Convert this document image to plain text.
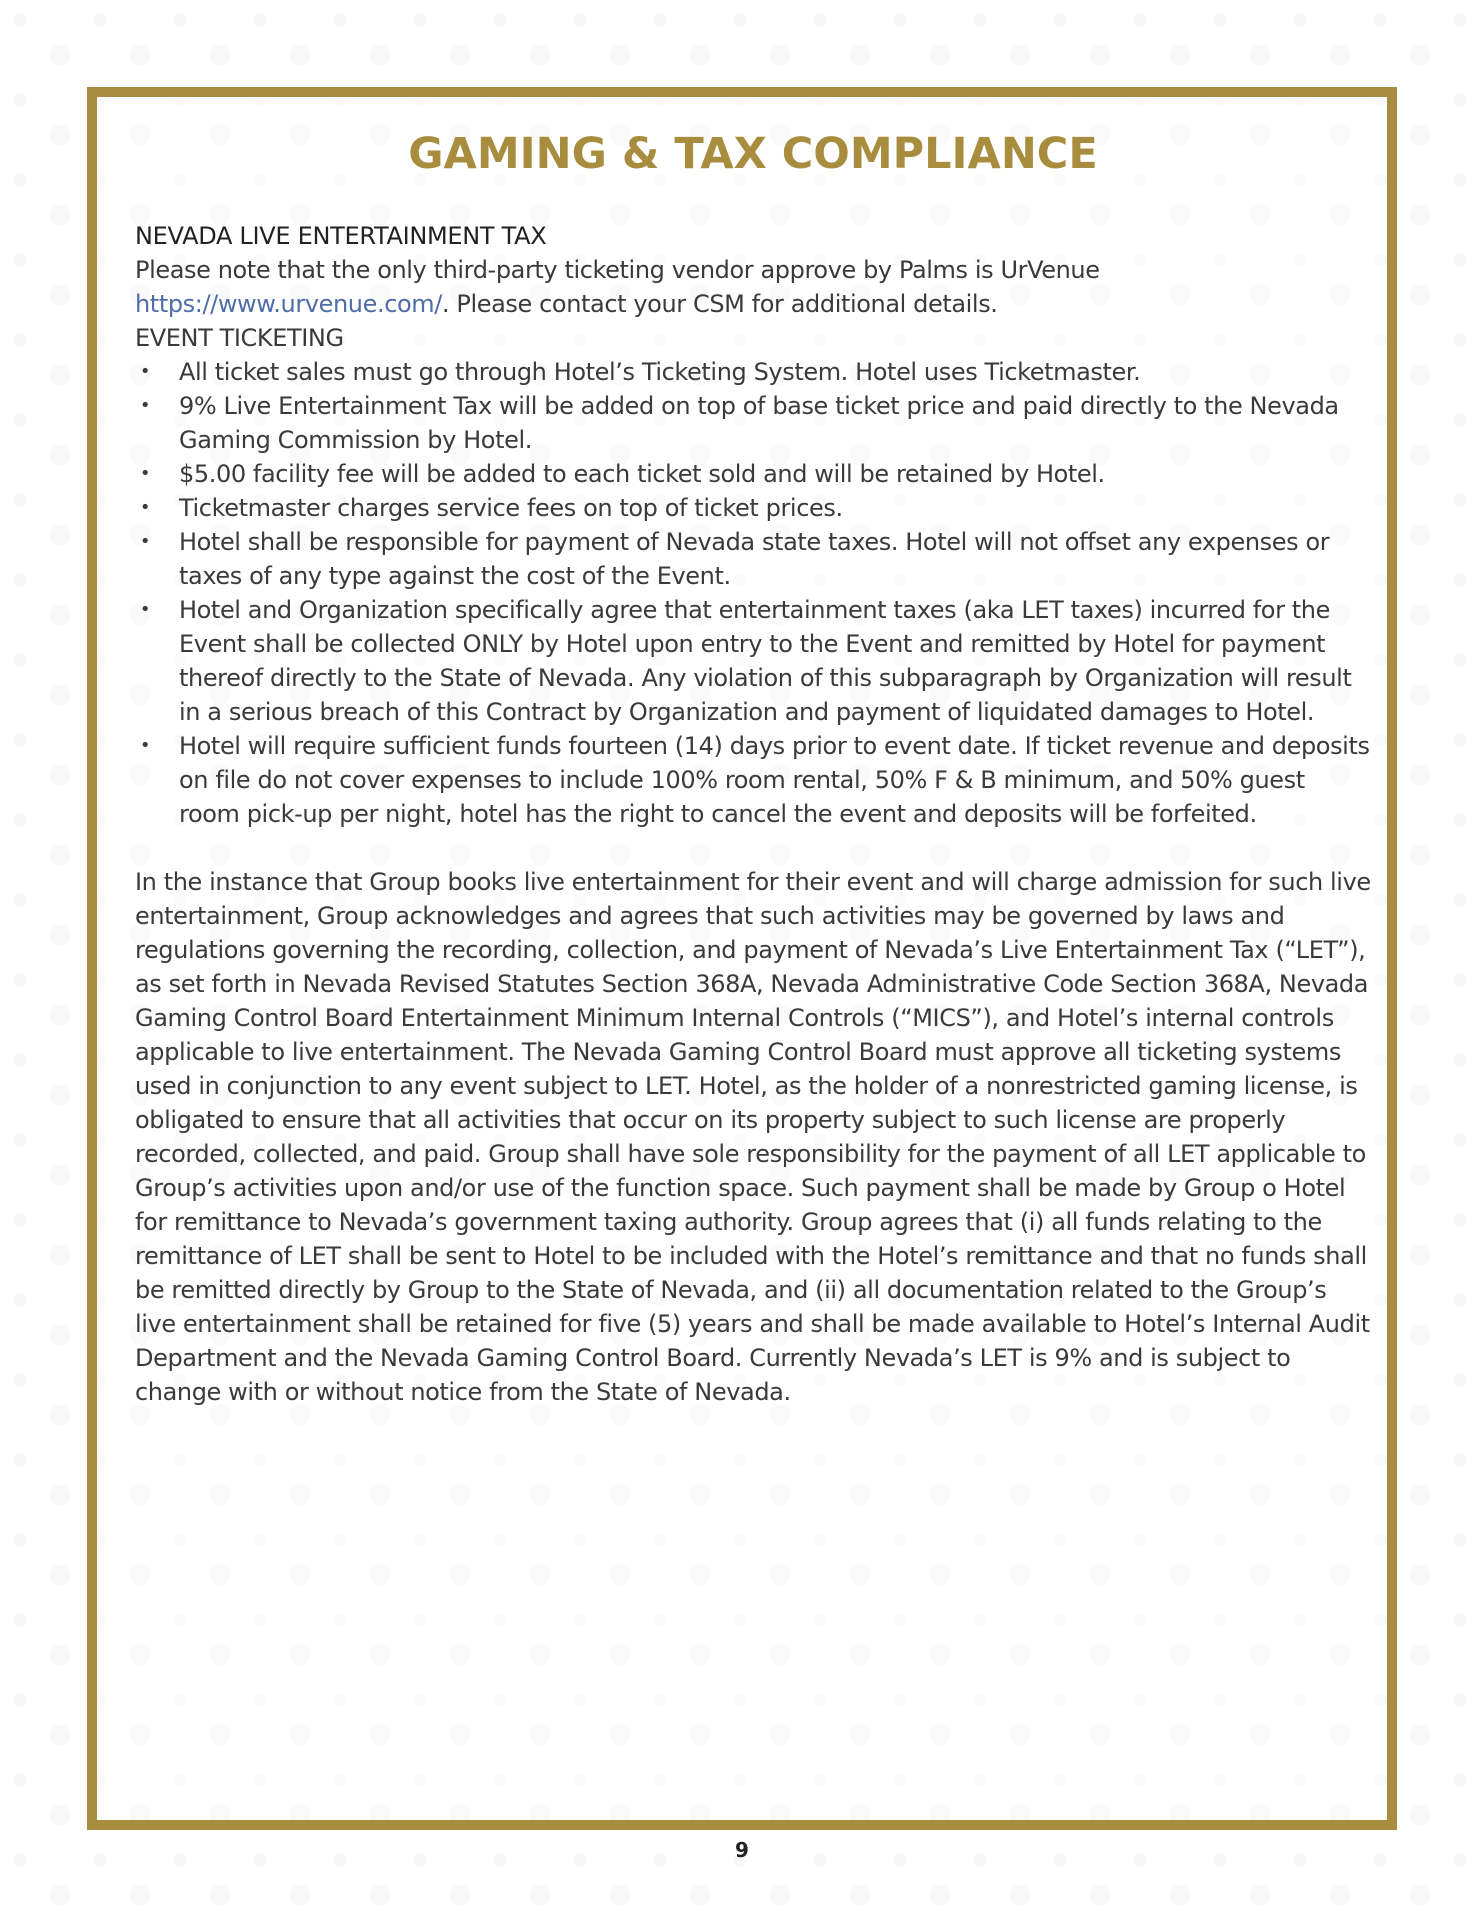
GAMING & TAX COMPLIANCE
NEVADA LIVE ENTERTAINMENT TAX

Please note that the only third-party ticketing vendor approve by Palms is UrVenue
https://www.urvenue.com/. Please contact your CSM for additional details.

EVENT TICKETING

• All ticket sales must go through Hotel’s Ticketing System. Hotel uses Ticketmaster.
• 9% Live Entertainment Tax will be added on top of base ticket price and paid directly to the Nevada Gaming Commission by Hotel.
• $5.00 facility fee will be added to each ticket sold and will be retained by Hotel.
• Ticketmaster charges service fees on top of ticket prices.
• Hotel shall be responsible for payment of Nevada state taxes. Hotel will not offset any expenses or taxes of any type against the cost of the Event.
• Hotel and Organization specifically agree that entertainment taxes (aka LET taxes) incurred for the Event shall be collected ONLY by Hotel upon entry to the Event and remitted by Hotel for payment thereof directly to the State of Nevada. Any violation of this subparagraph by Organization will result in a serious breach of this Contract by Organization and payment of liquidated damages to Hotel.
• Hotel will require sufficient funds fourteen (14) days prior to event date. If ticket revenue and deposits on file do not cover expenses to include 100% room rental, 50% F & B minimum, and 50% guest room pick-up per night, hotel has the right to cancel the event and deposits will be forfeited.

In the instance that Group books live entertainment for their event and will charge admission for such live entertainment, Group acknowledges and agrees that such activities may be governed by laws and regulations governing the recording, collection, and payment of Nevada’s Live Entertainment Tax (“LET”), as set forth in Nevada Revised Statutes Section 368A, Nevada Administrative Code Section 368A, Nevada Gaming Control Board Entertainment Minimum Internal Controls (“MICS”), and Hotel’s internal controls applicable to live entertainment. The Nevada Gaming Control Board must approve all ticketing systems used in conjunction to any event subject to LET. Hotel, as the holder of a nonrestricted gaming license, is obligated to ensure that all activities that occur on its property subject to such license are properly recorded, collected, and paid. Group shall have sole responsibility for the payment of all LET applicable to Group’s activities upon and/or use of the function space. Such payment shall be made by Group o Hotel for remittance to Nevada’s government taxing authority. Group agrees that (i) all funds relating to the remittance of LET shall be sent to Hotel to be included with the Hotel’s remittance and that no funds shall be remitted directly by Group to the State of Nevada, and (ii) all documentation related to the Group’s live entertainment shall be retained for five (5) years and shall be made available to Hotel’s Internal Audit Department and the Nevada Gaming Control Board. Currently Nevada’s LET is 9% and is subject to change with or without notice from the State of Nevada.

9
